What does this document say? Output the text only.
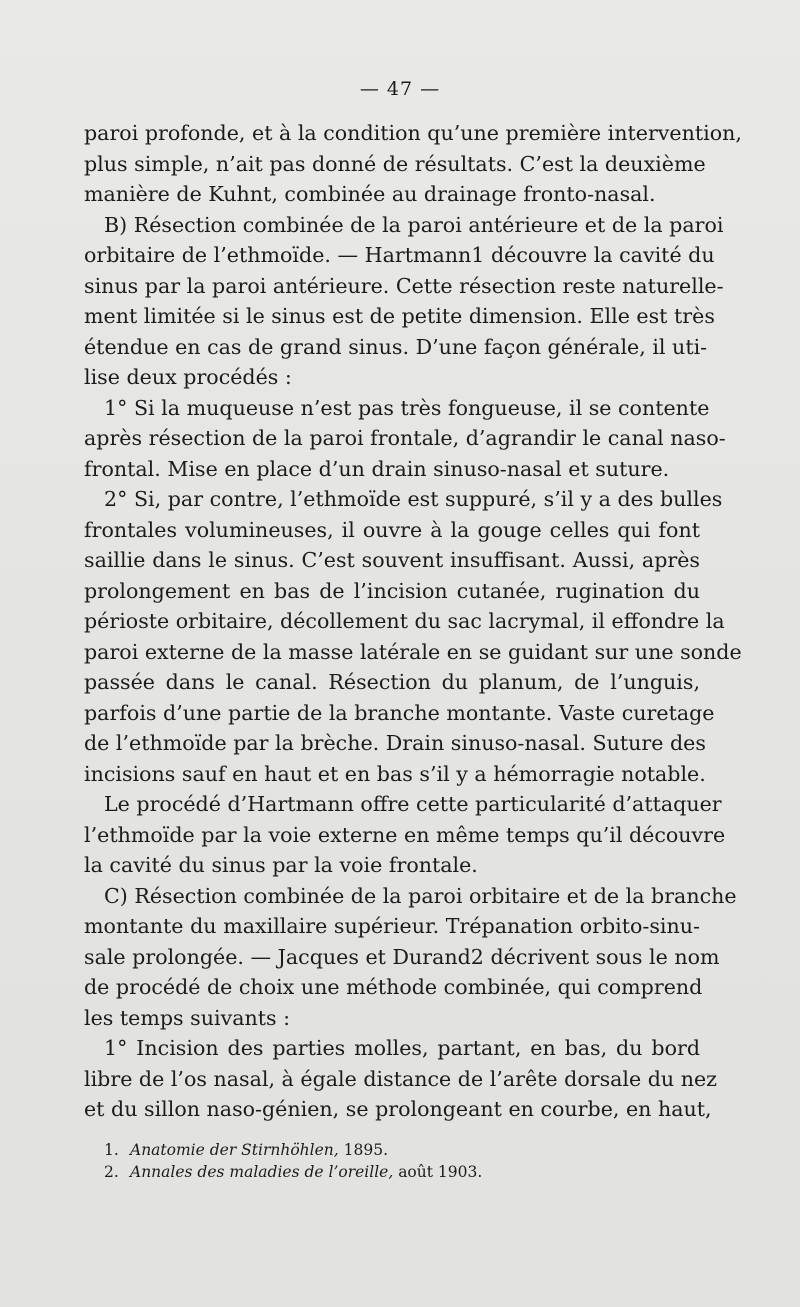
— 47 —
paroi profonde, et à la condition qu’une première intervention,
plus simple, n’ait pas donné de résultats. C’est la deuxième
manière de Kuhnt, combinée au drainage fronto-nasal.
B) Résection combinée de la paroi antérieure et de la paroi
orbitaire de l’ethmoïde. — Hartmann1 découvre la cavité du
sinus par la paroi antérieure. Cette résection reste naturelle-
ment limitée si le sinus est de petite dimension. Elle est très
étendue en cas de grand sinus. D’une façon générale, il uti-
lise deux procédés :
1° Si la muqueuse n’est pas très fongueuse, il se contente
après résection de la paroi frontale, d’agrandir le canal naso-
frontal. Mise en place d’un drain sinuso-nasal et suture.
2° Si, par contre, l’ethmoïde est suppuré, s’il y a des bulles
frontales volumineuses, il ouvre à la gouge celles qui font
saillie dans le sinus. C’est souvent insuffisant. Aussi, après
prolongement en bas de l’incision cutanée, rugination du
périoste orbitaire, décollement du sac lacrymal, il effondre la
paroi externe de la masse latérale en se guidant sur une sonde
passée dans le canal. Résection du planum, de l’unguis,
parfois d’une partie de la branche montante. Vaste curetage
de l’ethmoïde par la brèche. Drain sinuso-nasal. Suture des
incisions sauf en haut et en bas s’il y a hémorragie notable.
Le procédé d’Hartmann offre cette particularité d’attaquer
l’ethmoïde par la voie externe en même temps qu’il découvre
la cavité du sinus par la voie frontale.
C) Résection combinée de la paroi orbitaire et de la branche
montante du maxillaire supérieur. Trépanation orbito-sinu-
sale prolongée. — Jacques et Durand2 décrivent sous le nom
de procédé de choix une méthode combinée, qui comprend
les temps suivants :
1° Incision des parties molles, partant, en bas, du bord
libre de l’os nasal, à égale distance de l’arête dorsale du nez
et du sillon naso-génien, se prolongeant en courbe, en haut,
1. Anatomie der Stirnhöhlen, 1895.
2. Annales des maladies de l’oreille, août 1903.
